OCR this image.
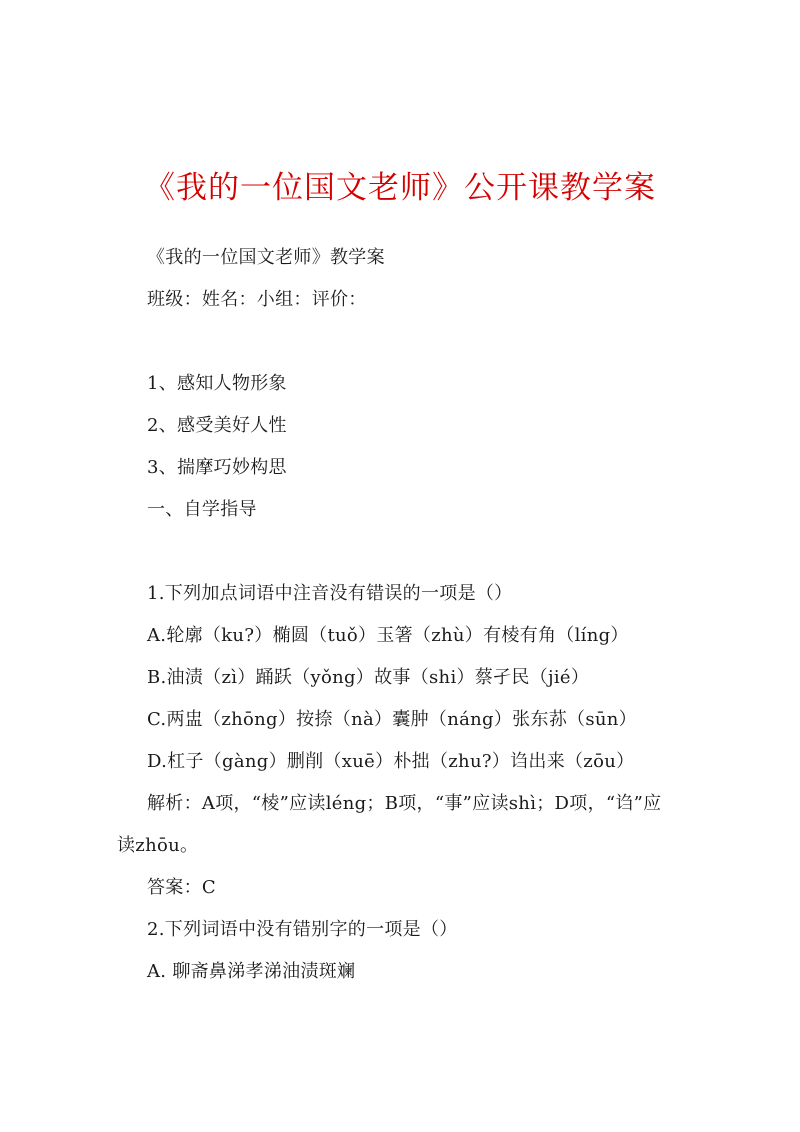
《我的一位国文老师》公开课教学案
《我的一位国文老师》教学案
班级：姓名：小组：评价：
1、感知人物形象
2、感受美好人性
3、揣摩巧妙构思
一、自学指导
1.下列加点词语中注音没有错误的一项是（）
A.轮廓（ku?）椭圆（tuǒ）玉箸（zhù）有棱有角（líng）
B.油渍（zì）踊跃（yǒng）故事（shi）蔡孑民（jié）
C.两盅（zhōng）按捺（nà）囊肿（náng）张东荪（sūn）
D.杠子（gàng）删削（xuē）朴拙（zhu?）诌出来（zōu）
解析：A项，“棱”应读léng；B项，“事”应读shì；D项，“诌”应
读zhōu。
答案：C
2.下列词语中没有错别字的一项是（）
A. 聊斋鼻涕孝涕油渍斑斓
